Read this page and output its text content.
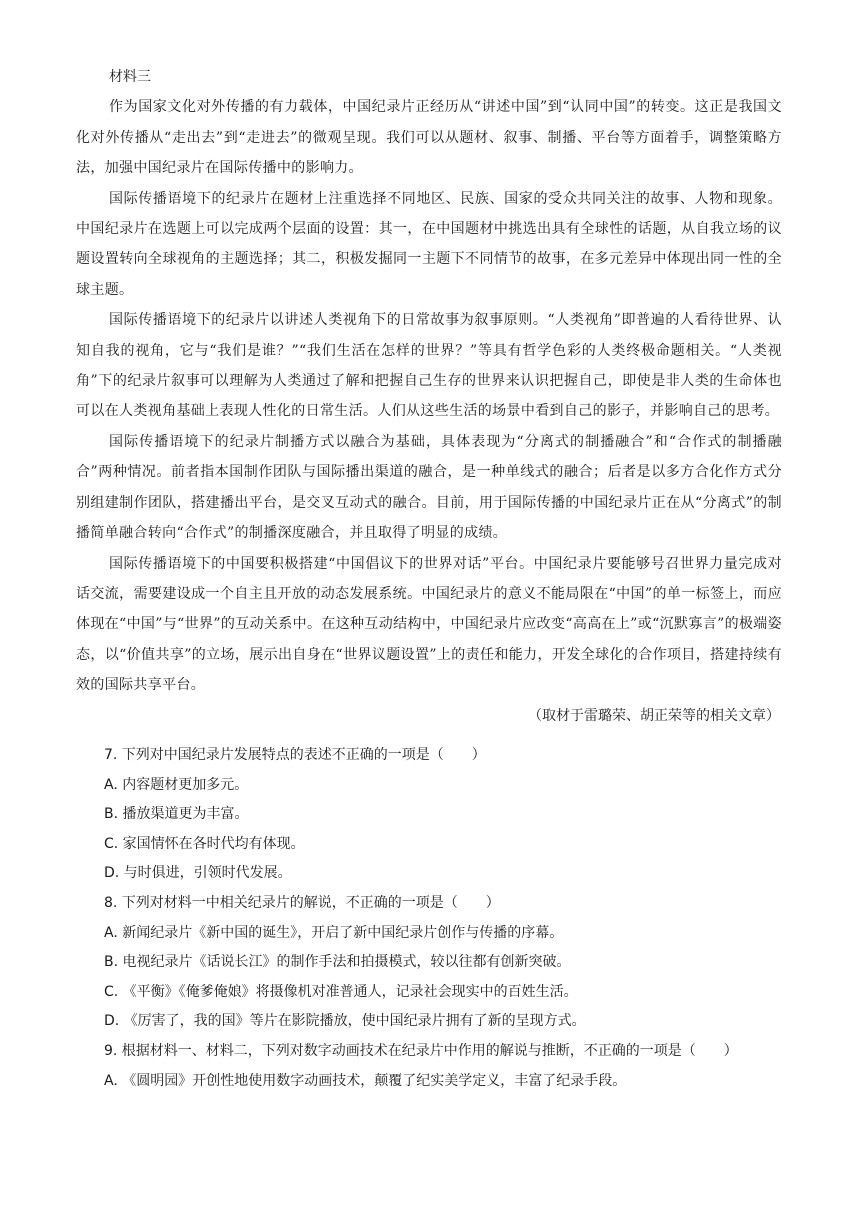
材料三

作为国家文化对外传播的有力载体，中国纪录片正经历从“讲述中国”到“认同中国”的转变。这正是我国文化对外传播从“走出去”到“走进去”的微观呈现。我们可以从题材、叙事、制播、平台等方面着手，调整策略方法，加强中国纪录片在国际传播中的影响力。

国际传播语境下的纪录片在题材上注重选择不同地区、民族、国家的受众共同关注的故事、人物和现象。中国纪录片在选题上可以完成两个层面的设置：其一，在中国题材中挑选出具有全球性的话题，从自我立场的议题设置转向全球视角的主题选择；其二，积极发掘同一主题下不同情节的故事，在多元差异中体现出同一性的全球主题。

国际传播语境下的纪录片以讲述人类视角下的日常故事为叙事原则。“人类视角”即普遍的人看待世界、认知自我的视角，它与“我们是谁？”“我们生活在怎样的世界？”等具有哲学色彩的人类终极命题相关。“人类视角”下的纪录片叙事可以理解为人类通过了解和把握自己生存的世界来认识把握自己，即使是非人类的生命体也可以在人类视角基础上表现人性化的日常生活。人们从这些生活的场景中看到自己的影子，并影响自己的思考。

国际传播语境下的纪录片制播方式以融合为基础，具体表现为“分离式的制播融合”和“合作式的制播融合”两种情况。前者指本国制作团队与国际播出渠道的融合，是一种单线式的融合；后者是以多方合化作方式分别组建制作团队，搭建播出平台，是交叉互动式的融合。目前，用于国际传播的中国纪录片正在从“分离式”的制播简单融合转向“合作式”的制播深度融合，并且取得了明显的成绩。

国际传播语境下的中国要积极搭建“中国倡议下的世界对话”平台。中国纪录片要能够号召世界力量完成对话交流，需要建设成一个自主且开放的动态发展系统。中国纪录片的意义不能局限在“中国”的单一标签上，而应体现在“中国”与“世界”的互动关系中。在这种互动结构中，中国纪录片应改变“高高在上”或“沉默寡言”的极端姿态，以“价值共享”的立场，展示出自身在“世界议题设置”上的责任和能力，开发全球化的合作项目，搭建持续有效的国际共享平台。

（取材于雷璐荣、胡正荣等的相关文章）

7. 下列对中国纪录片发展特点的表述不正确的一项是（　　）

A. 内容题材更加多元。

B. 播放渠道更为丰富。

C. 家国情怀在各时代均有体现。

D. 与时俱进，引领时代发展。

8. 下列对材料一中相关纪录片的解说，不正确的一项是（　　）

A. 新闻纪录片《新中国的诞生》，开启了新中国纪录片创作与传播的序幕。

B. 电视纪录片《话说长江》的制作手法和拍摄模式，较以往都有创新突破。

C. 《平衡》《俺爹俺娘》将摄像机对准普通人，记录社会现实中的百姓生活。

D. 《厉害了，我的国》等片在影院播放，使中国纪录片拥有了新的呈现方式。

9. 根据材料一、材料二，下列对数字动画技术在纪录片中作用的解说与推断，不正确的一项是（　　）

A. 《圆明园》开创性地使用数字动画技术，颠覆了纪实美学定义，丰富了纪录手段。
